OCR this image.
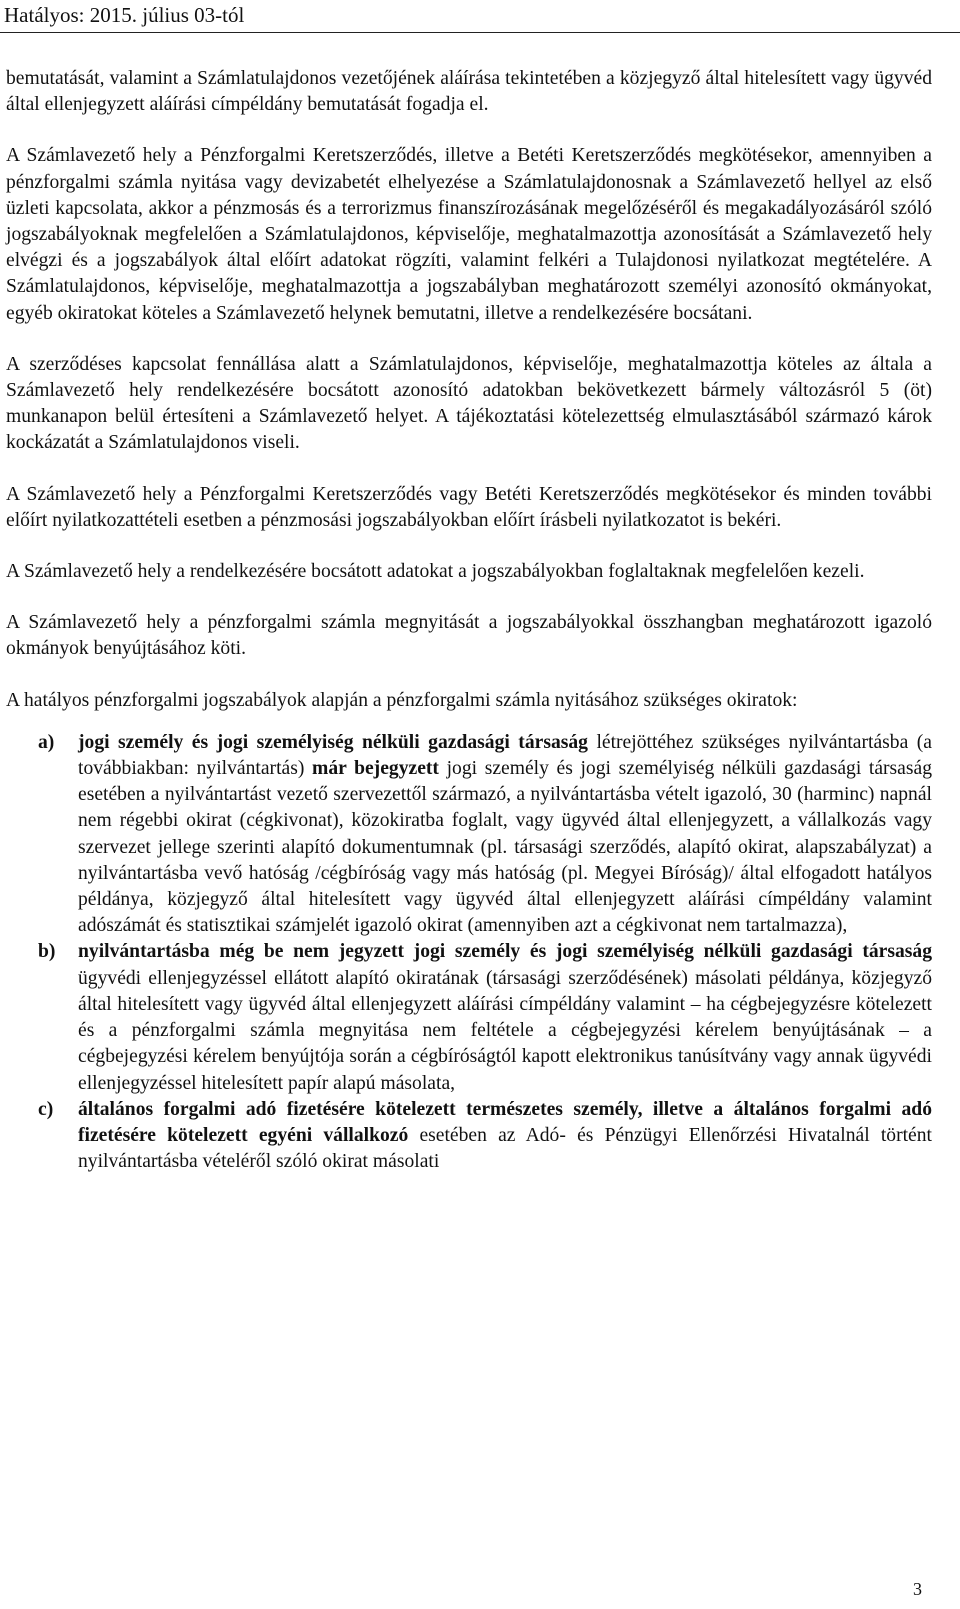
Hatályos: 2015. július 03-tól

bemutatását, valamint a Számlatulajdonos vezetőjének aláírása tekintetében a közjegyző által hitelesített vagy ügyvéd által ellenjegyzett aláírási címpéldány bemutatását fogadja el.

A Számlavezető hely a Pénzforgalmi Keretszerződés, illetve a Betéti Keretszerződés megkötésekor, amennyiben a pénzforgalmi számla nyitása vagy devizabetét elhelyezése a Számlatulajdonosnak a Számlavezető hellyel az első üzleti kapcsolata, akkor a pénzmosás és a terrorizmus finanszírozásának megelőzéséről és megakadályozásáról szóló jogszabályoknak megfelelően a Számlatulajdonos, képviselője, meghatalmazottja azonosítását a Számlavezető hely elvégzi és a jogszabályok által előírt adatokat rögzíti, valamint felkéri a Tulajdonosi nyilatkozat megtételére. A Számlatulajdonos, képviselője, meghatalmazottja a jogszabályban meghatározott személyi azonosító okmányokat, egyéb okiratokat köteles a Számlavezető helynek bemutatni, illetve a rendelkezésére bocsátani.

A szerződéses kapcsolat fennállása alatt a Számlatulajdonos, képviselője, meghatalmazottja köteles az általa a Számlavezető hely rendelkezésére bocsátott azonosító adatokban bekövetkezett bármely változásról 5 (öt) munkanapon belül értesíteni a Számlavezető helyet. A tájékoztatási kötelezettség elmulasztásából származó károk kockázatát a Számlatulajdonos viseli.

A Számlavezető hely a Pénzforgalmi Keretszerződés vagy Betéti Keretszerződés megkötésekor és minden további előírt nyilatkozattételi esetben a pénzmosási jogszabályokban előírt írásbeli nyilatkozatot is bekéri.

A Számlavezető hely a rendelkezésére bocsátott adatokat a jogszabályokban foglaltaknak megfelelően kezeli.

A Számlavezető hely a pénzforgalmi számla megnyitását a jogszabályokkal összhangban meghatározott igazoló okmányok benyújtásához köti.

A hatályos pénzforgalmi jogszabályok alapján a pénzforgalmi számla nyitásához szükséges okiratok:

a) jogi személy és jogi személyiség nélküli gazdasági társaság létrejöttéhez szükséges nyilvántartásba (a továbbiakban: nyilvántartás) már bejegyzett jogi személy és jogi személyiség nélküli gazdasági társaság esetében a nyilvántartást vezető szervezettől származó, a nyilvántartásba vételt igazoló, 30 (harminc) napnál nem régebbi okirat (cégkivonat), közokiratba foglalt, vagy ügyvéd által ellenjegyzett, a vállalkozás vagy szervezet jellege szerinti alapító dokumentumnak (pl. társasági szerződés, alapító okirat, alapszabályzat) a nyilvántartásba vevő hatóság /cégbíróság vagy más hatóság (pl. Megyei Bíróság)/ által elfogadott hatályos példánya, közjegyző által hitelesített vagy ügyvéd által ellenjegyzett aláírási címpéldány valamint adószámát és statisztikai számjelét igazoló okirat (amennyiben azt a cégkivonat nem tartalmazza),
b) nyilvántartásba még be nem jegyzett jogi személy és jogi személyiség nélküli gazdasági társaság ügyvédi ellenjegyzéssel ellátott alapító okiratának (társasági szerződésének) másolati példánya, közjegyző által hitelesített vagy ügyvéd által ellenjegyzett aláírási címpéldány valamint – ha cégbejegyzésre kötelezett és a pénzforgalmi számla megnyitása nem feltétele a cégbejegyzési kérelem benyújtásának – a cégbejegyzési kérelem benyújtója során a cégbíróságtól kapott elektronikus tanúsítvány vagy annak ügyvédi ellenjegyzéssel hitelesített papír alapú másolata,
c) általános forgalmi adó fizetésére kötelezett természetes személy, illetve a általános forgalmi adó fizetésére kötelezett egyéni vállalkozó esetében az Adó- és Pénzügyi Ellenőrzési Hivatalnál történt nyilvántartásba vételéről szóló okirat másolati
3
